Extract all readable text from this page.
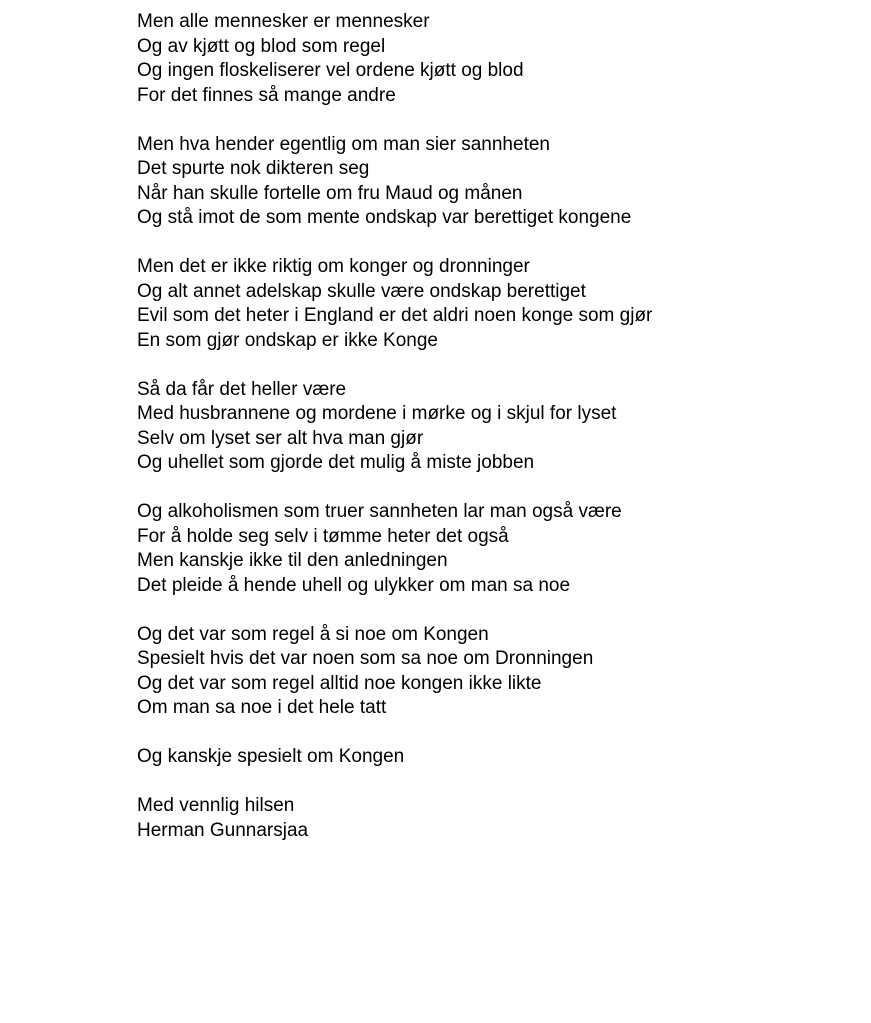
Men alle mennesker er mennesker

Og av kjøtt og blod som regel

Og ingen floskeliserer vel ordene kjøtt og blod

For det finnes så mange andre

Men hva hender egentlig om man sier sannheten

Det spurte nok dikteren seg

Når han skulle fortelle om fru Maud og månen

Og stå imot de som mente ondskap var berettiget kongene

Men det er ikke riktig om konger og dronninger

Og alt annet adelskap skulle være ondskap berettiget

Evil som det heter i England er det aldri noen konge som gjør

En som gjør ondskap er ikke Konge

Så da får det heller være

Med husbrannene og mordene i mørke og i skjul for lyset

Selv om lyset ser alt hva man gjør

Og uhellet som gjorde det mulig å miste jobben

Og alkoholismen som truer sannheten lar man også være

For å holde seg selv i tømme heter det også

Men kanskje ikke til den anledningen

Det pleide å hende uhell og ulykker om man sa noe

Og det var som regel å si noe om Kongen

Spesielt hvis det var noen som sa noe om Dronningen

Og det var som regel alltid noe kongen ikke likte

Om man sa noe i det hele tatt

Og kanskje spesielt om Kongen

Med vennlig hilsen

Herman Gunnarsjaa
